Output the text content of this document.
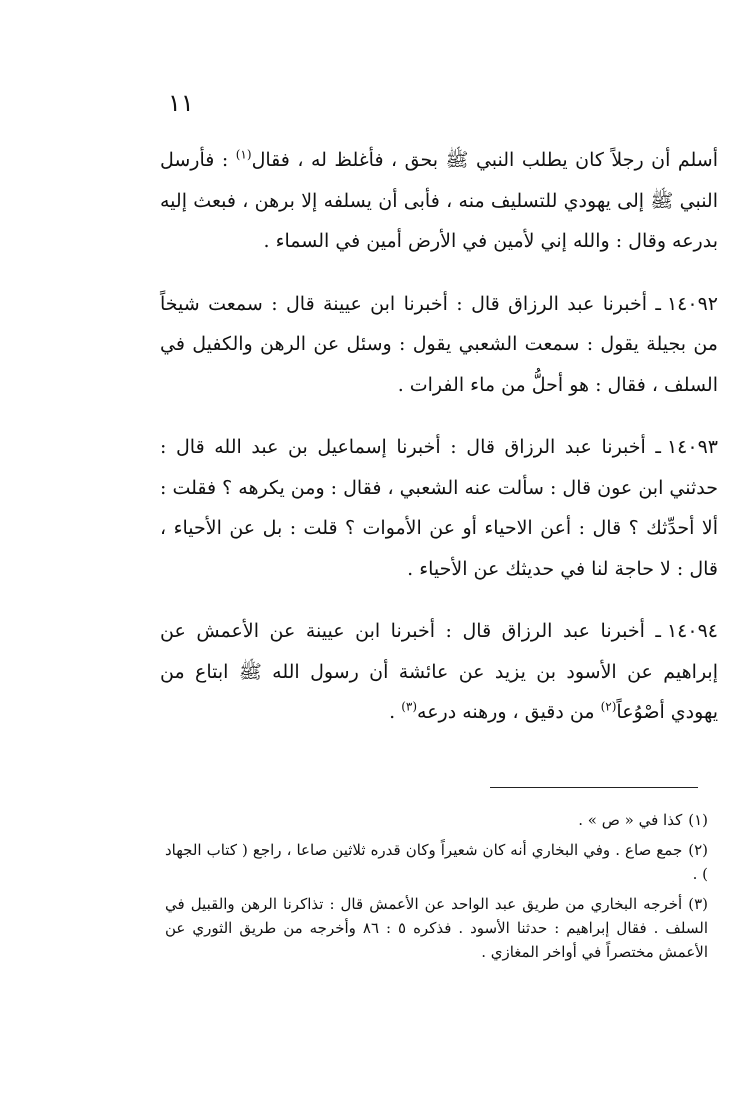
١١

أسلم أن رجلاً كان يطلب النبي ﷺ بحق ، فأغلظ له ، فقال$^{(١)}$ : فأرسل النبي ﷺ إلى يهودي للتسليف منه ، فأبى أن يسلفه إلا برهن ، فبعث إليه بدرعه وقال : والله إني لأمين في الأرض أمين في السماء .

١٤٠٩٢ـ أخبرنا عبد الرزاق قال : أخبرنا ابن عيينة قال : سمعت شيخاً من بجيلة يقول : سمعت الشعبي يقول : وسئل عن الرهن والكفيل في السلف ، فقال : هو أحلُّ من ماء الفرات .

١٤٠٩٣ـ أخبرنا عبد الرزاق قال : أخبرنا إسماعيل بن عبد الله قال : حدثني ابن عون قال : سألت عنه الشعبي ، فقال : ومن يكرهه ؟ فقلت : ألا أحدِّثك ؟ قال : أعن الاحياء أو عن الأموات ؟ قلت : بل عن الأحياء ، قال : لا حاجة لنا في حديثك عن الأحياء .

١٤٠٩٤ـ أخبرنا عبد الرزاق قال : أخبرنا ابن عيينة عن الأعمش عن إبراهيم عن الأسود بن يزيد عن عائشة أن رسول الله ﷺ ابتاع من يهودي أصْوُعاً$^{(٢)}$ من دقيق ، ورهنه درعه$^{(٣)}$ .

(١)كذا في « ص » .

(٢)جمع صاع . وفي البخاري أنه كان شعيراً وكان قدره ثلاثين صاعا ، راجع ( كتاب الجهاد ) .

(٣)أخرجه البخاري من طريق عبد الواحد عن الأعمش قال : تذاكرنا الرهن والقبيل في السلف . فقال إبراهيم : حدثنا الأسود . فذكره ٥ : ٨٦ وأخرجه من طريق الثوري عن الأعمش مختصراً في أواخر المغازي .
